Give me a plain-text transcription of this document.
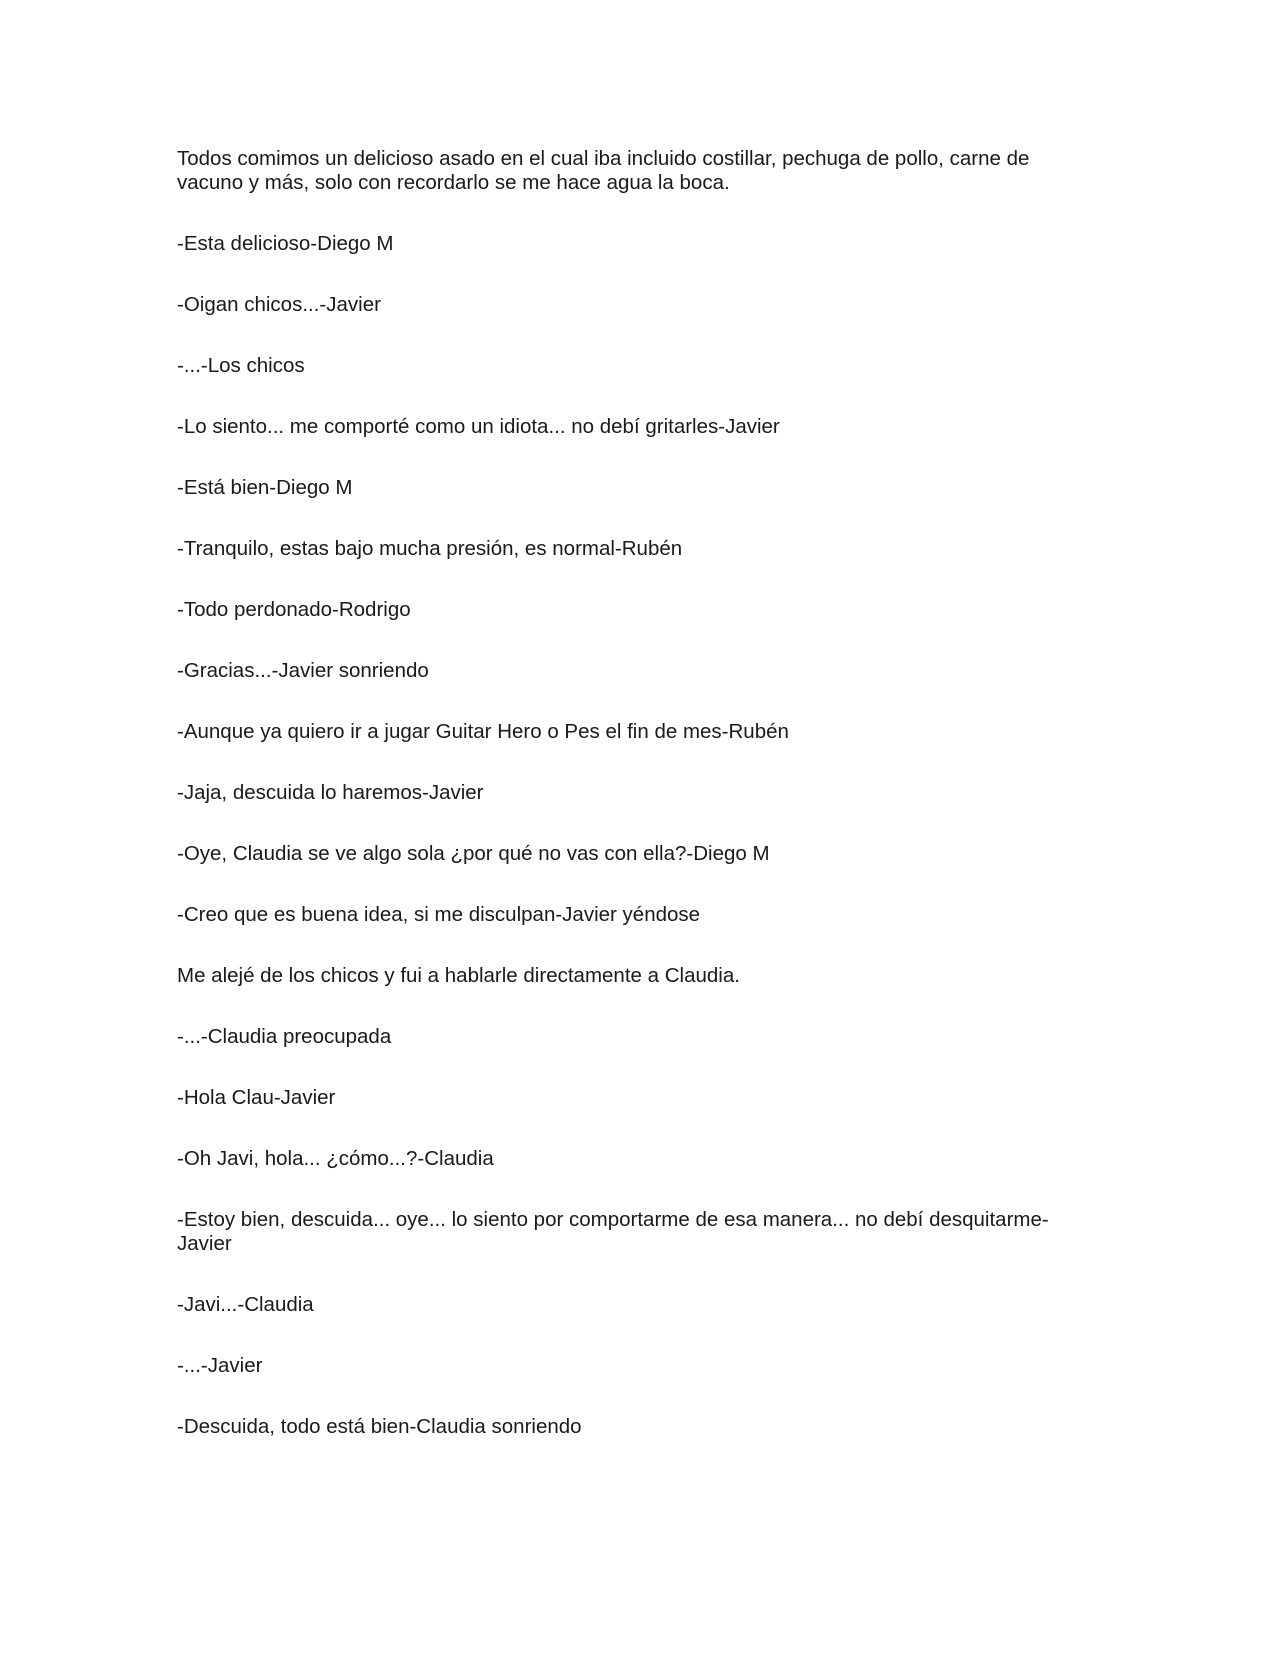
Todos comimos un delicioso asado en el cual iba incluido costillar, pechuga de pollo, carne de vacuno y más, solo con recordarlo se me hace agua la boca.

-Esta delicioso-Diego M

-Oigan chicos...-Javier

-...-Los chicos

-Lo siento... me comporté como un idiota... no debí gritarles-Javier

-Está bien-Diego M

-Tranquilo, estas bajo mucha presión, es normal-Rubén

-Todo perdonado-Rodrigo

-Gracias...-Javier sonriendo

-Aunque ya quiero ir a jugar Guitar Hero o Pes el fin de mes-Rubén

-Jaja, descuida lo haremos-Javier

-Oye, Claudia se ve algo sola ¿por qué no vas con ella?-Diego M

-Creo que es buena idea, si me disculpan-Javier yéndose

Me alejé de los chicos y fui a hablarle directamente a Claudia.

-...-Claudia preocupada

-Hola Clau-Javier

-Oh Javi, hola... ¿cómo...?-Claudia

-Estoy bien, descuida... oye... lo siento por comportarme de esa manera... no debí desquitarme-Javier

-Javi...-Claudia

-...-Javier

-Descuida, todo está bien-Claudia sonriendo
